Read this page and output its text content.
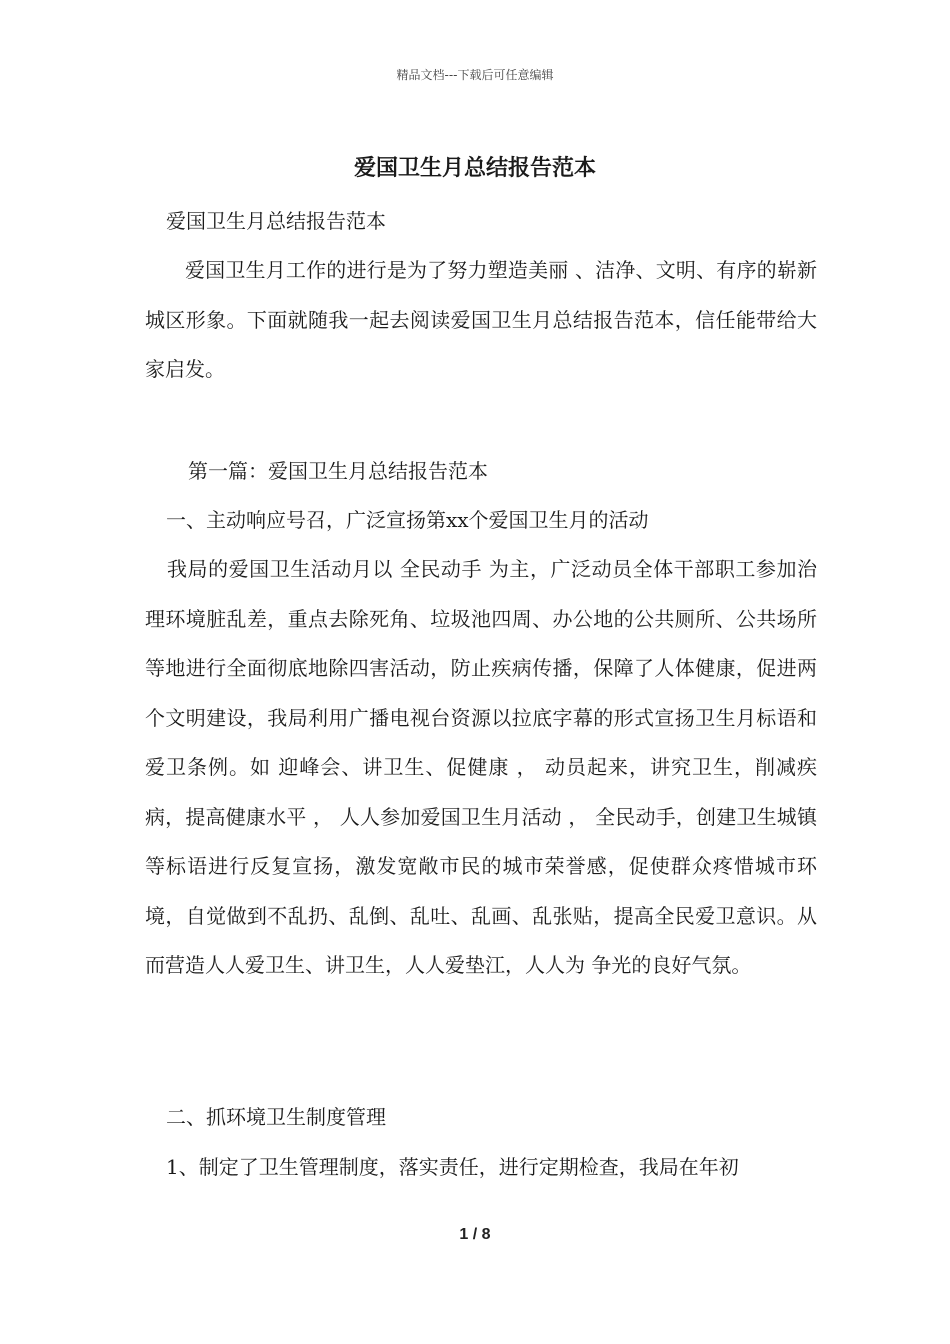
精品文档---下载后可任意编辑
爱国卫生月总结报告范本
爱国卫生月总结报告范本

爱国卫生月工作的进行是为了努力塑造美丽 、洁净、文明、有序的崭新城区形象。下面就随我一起去阅读爱国卫生月总结报告范本，信任能带给大家启发。

第一篇：爱国卫生月总结报告范本
一、主动响应号召，广泛宣扬第xx个爱国卫生月的活动

我局的爱国卫生活动月以 全民动手 为主，广泛动员全体干部职工参加治理环境脏乱差，重点去除死角、垃圾池四周、办公地的公共厕所、公共场所等地进行全面彻底地除四害活动，防止疾病传播，保障了人体健康，促进两个文明建设，我局利用广播电视台资源以拉底字幕的形式宣扬卫生月标语和爱卫条例。如 迎峰会、讲卫生、促健康 ， 动员起来，讲究卫生，削减疾病，提高健康水平 ， 人人参加爱国卫生月活动 ， 全民动手，创建卫生城镇 等标语进行反复宣扬，激发宽敞市民的城市荣誉感，促使群众疼惜城市环境，自觉做到不乱扔、乱倒、乱吐、乱画、乱张贴，提高全民爱卫意识。从而营造人人爱卫生、讲卫生，人人爱垫江，人人为 争光的良好气氛。

二、抓环境卫生制度管理
1、制定了卫生管理制度，落实责任，进行定期检查，我局在年初
1 / 8
